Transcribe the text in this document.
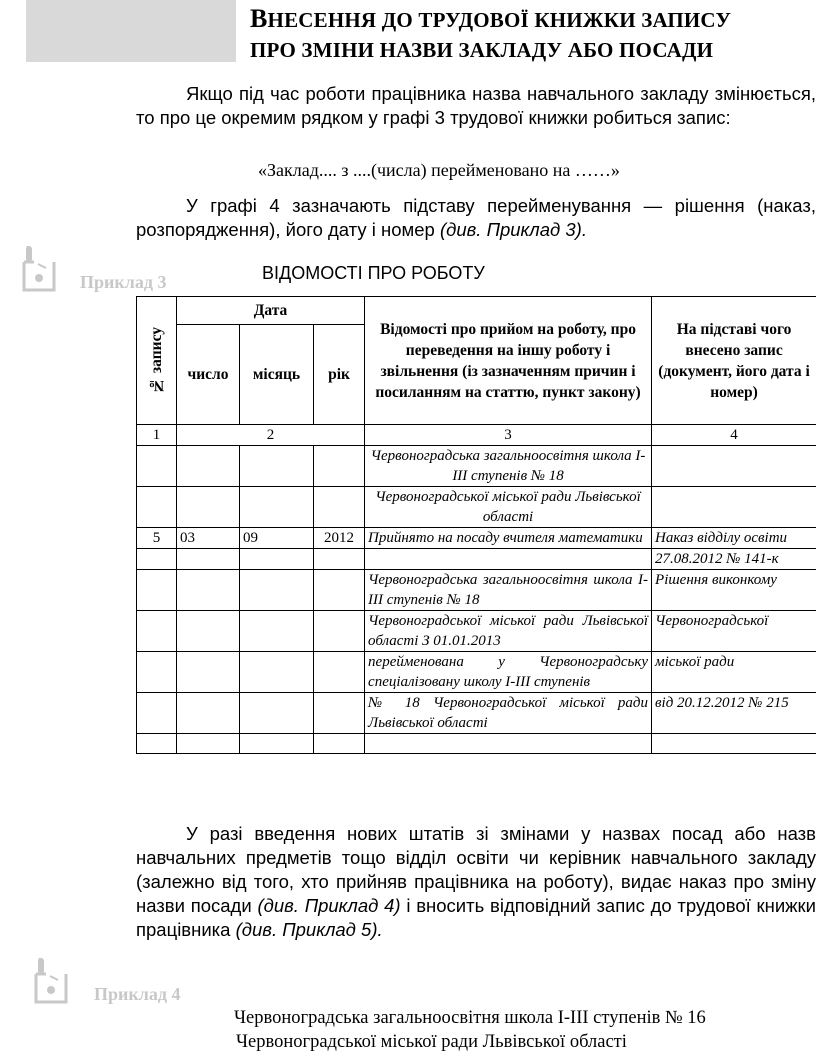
ВНЕСЕННЯ ДО ТРУДОВОЇ КНИЖКИ ЗАПИСУ
ПРО ЗМІНИ НАЗВИ ЗАКЛАДУ АБО ПОСАДИ
Якщо під час роботи працівника назва навчального закладу змінюється, то про це окремим рядком у графі 3 трудової книжки робиться запис:
«Заклад.... з ....(числа) перейменовано на ……»
У графі 4 зазначають підставу перейменування — рішення (наказ, розпорядження), його дату і номер (див. Приклад 3).
Приклад 3	ВІДОМОСТІ ПРО РОБОТУ
№ запису	Дата			Відомості про прийом на роботу, про переведення на іншу роботу і звільнення (із зазначенням причин і посиланням на статтю, пункт закону)	На підставі чого внесено запис (документ, його дата і номер)
	число	місяць	рік		
1	2			3	4
				Червоноградська загальноосвітня школа І-ІІІ ступенів № 18	
				Червоноградської міської ради Львівської області	
5	03	09	2012	Прийнято на посаду вчителя математики	Наказ відділу освіти
					27.08.2012 № 141-к
				Червоноградська загальноосвітня школа І-ІІІ ступенів № 18	Рішення виконкому
				Червоноградської міської ради Львівської області З 01.01.2013	Червоноградської
				перейменована у Червоноградську спеціалізовану школу І-ІІІ ступенів	міської ради
				№ 18 Червоноградської міської ради Львівської області	від 20.12.2012 № 215

У разі введення нових штатів зі змінами у назвах посад або назв навчальних предметів тощо відділ освіти чи керівник навчального закладу (залежно від того, хто прийняв працівника на роботу), видає наказ про зміну назви посади (див. Приклад 4) і вносить відповідний запис до трудової книжки працівника (див. Приклад 5).
Приклад 4
Червоноградська загальноосвітня школа І-ІІІ ступенів № 16
Червоноградської міської ради Львівської області
